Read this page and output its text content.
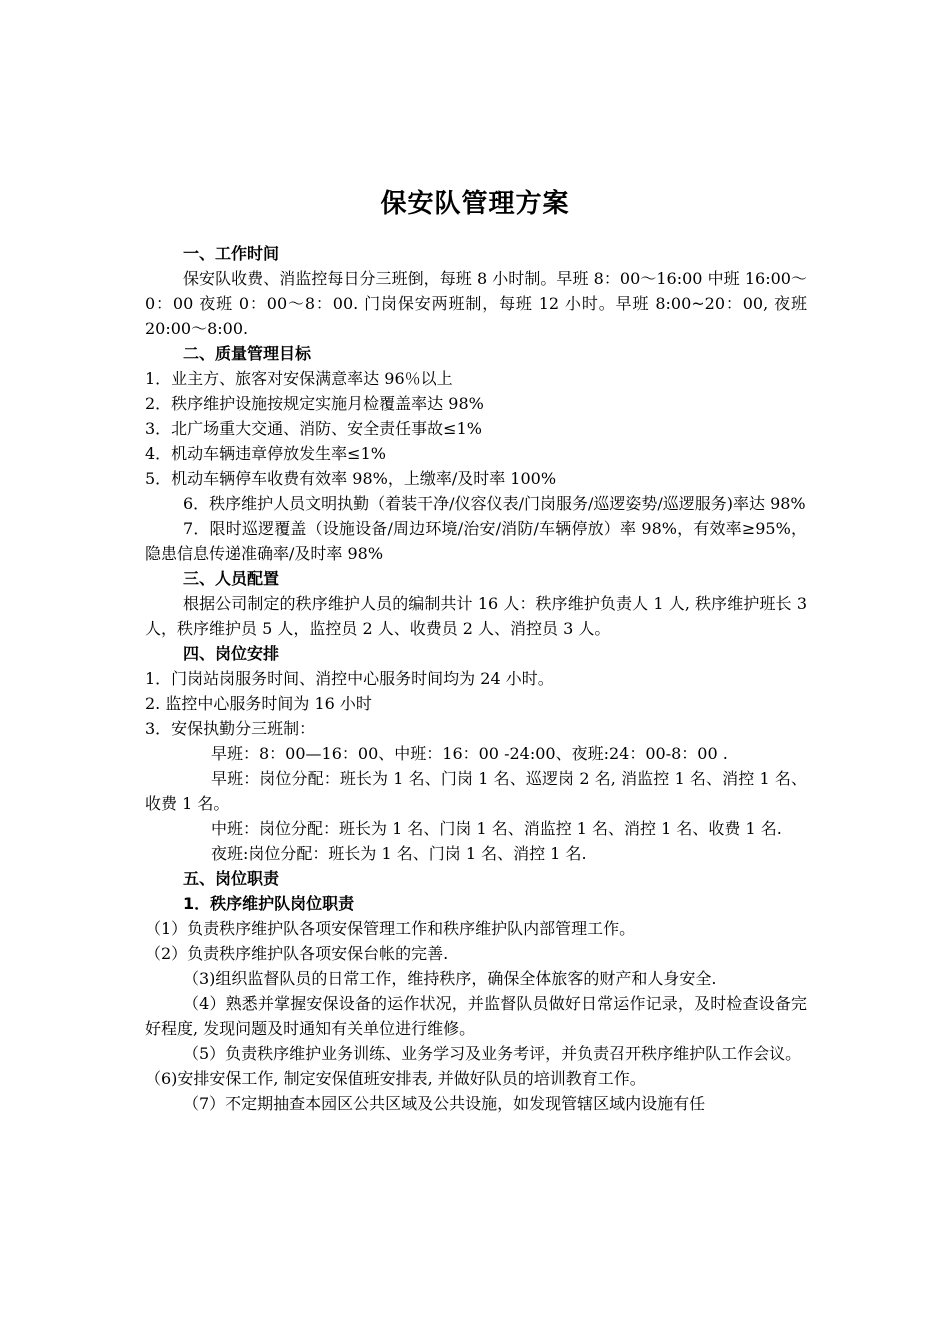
保安队管理方案

一、工作时间

保安队收费、消监控每日分三班倒，每班 8 小时制。早班 8：00～16:00 中班 16:00～0：00 夜班 0：00～8：00. 门岗保安两班制，每班 12 小时。早班 8:00~20：00, 夜班 20:00～8:00.

二、质量管理目标

1．业主方、旅客对安保满意率达 96％以上

2．秩序维护设施按规定实施月检覆盖率达 98%

3．北广场重大交通、消防、安全责任事故≤1%

4．机动车辆违章停放发生率≤1%

5．机动车辆停车收费有效率 98%，上缴率/及时率 100%

6．秩序维护人员文明执勤（着装干净/仪容仪表/门岗服务/巡逻姿势/巡逻服务)率达 98%

7．限时巡逻覆盖（设施设备/周边环境/治安/消防/车辆停放）率 98%，有效率≥95%，隐患信息传递准确率/及时率 98%

三、人员配置

根据公司制定的秩序维护人员的编制共计 16 人：秩序维护负责人 1 人, 秩序维护班长 3 人，秩序维护员 5 人，监控员 2 人、收费员 2 人、消控员 3 人。

四、岗位安排

1．门岗站岗服务时间、消控中心服务时间均为 24 小时。

2. 监控中心服务时间为 16 小时

3．安保执勤分三班制：

早班：8：00—16：00、中班：16：00 -24:00、夜班:24：00-8：00 .

早班：岗位分配：班长为 1 名、门岗 1 名、巡逻岗 2 名, 消监控 1 名、消控 1 名、收费 1 名。

中班：岗位分配：班长为 1 名、门岗 1 名、消监控 1 名、消控 1 名、收费 1 名.

夜班:岗位分配：班长为 1 名、门岗 1 名、消控 1 名.

五、岗位职责

1．秩序维护队岗位职责

（1）负责秩序维护队各项安保管理工作和秩序维护队内部管理工作。

（2）负责秩序维护队各项安保台帐的完善.

（3)组织监督队员的日常工作，维持秩序，确保全体旅客的财产和人身安全.

（4）熟悉并掌握安保设备的运作状况，并监督队员做好日常运作记录，及时检查设备完好程度, 发现问题及时通知有关单位进行维修。

（5）负责秩序维护业务训练、业务学习及业务考评，并负责召开秩序维护队工作会议。

（6)安排安保工作, 制定安保值班安排表, 并做好队员的培训教育工作。

（7）不定期抽查本园区公共区域及公共设施，如发现管辖区域内设施有任
